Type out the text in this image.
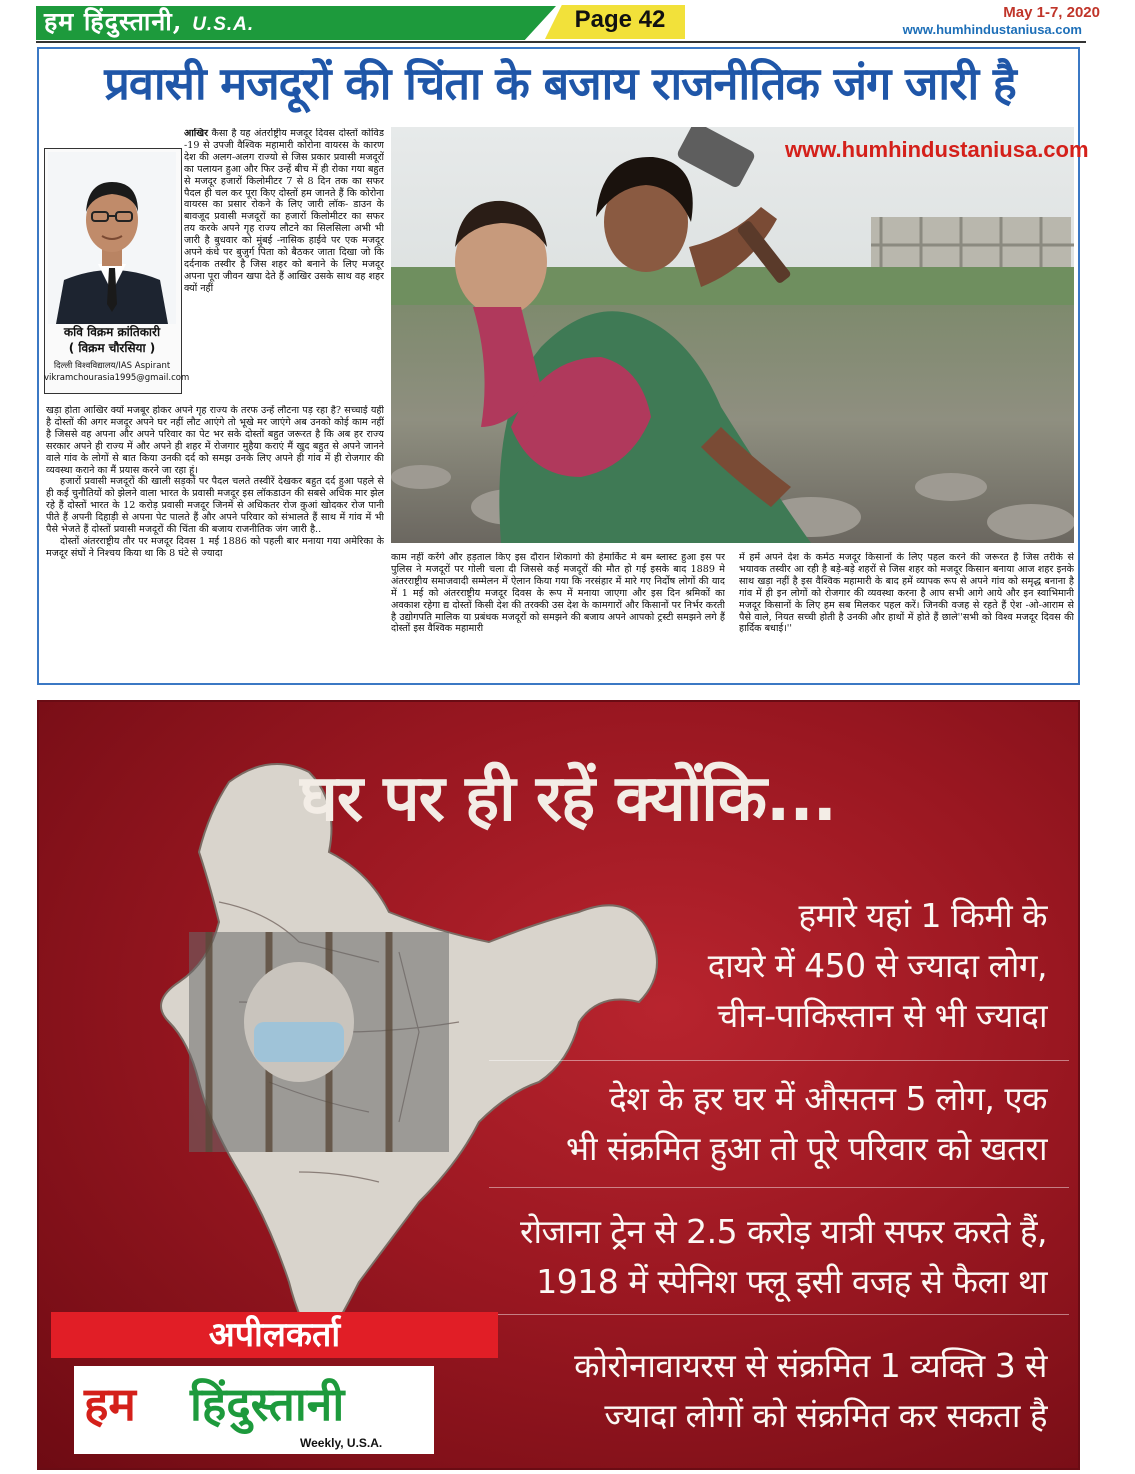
हम हिंदुस्तानी, U.S.A.	Page 42	May 1-7, 2020
www.humhindustaniusa.com
प्रवासी मजदूरों की चिंता के बजाय राजनीतिक जंग जारी है
कवि विक्रम क्रांतिकारी
( विक्रम चौरसिया )
दिल्ली विश्वविद्यालय/IAS Aspirant
vikramchourasia1995@gmail.com

आखिर कैसा है यह अंतर्राष्ट्रीय मजदूर दिवस दोस्तों कोविड -19 से उपजी वैश्विक महामारी कोरोना वायरस के कारण देश की अलग-अलग राज्यो से जिस प्रकार प्रवासी मजदूरों का पलायन हुआ और फिर उन्हें बीच में ही रोका गया बहुत से मजदूर हजारों किलोमीटर 7 से 8 दिन तक का सफर पैदल ही चल कर पूरा किए दोस्तों हम जानते हैं कि कोरोना वायरस का प्रसार रोकने के लिए जारी लॉक- डाउन के बावजूद प्रवासी मजदूरों का हजारों किलोमीटर का सफर तय करके अपने गृह राज्य लौटने का सिलसिला अभी भी जारी है बुधवार को मुंबई -नासिक हाईवे पर एक मजदूर अपने कंधे पर बुजुर्ग पिता को बैठकर जाता दिखा जो कि दर्दनाक तस्वीर है जिस शहर को बनाने के लिए मजदूर अपना पूरा जीवन खपा देते हैं आखिर उसके साथ वह शहर क्यों नहीं

खड़ा होता आखिर क्यों मजबूर होकर अपने गृह राज्य के तरफ उन्हें लौटना पड़ रहा है? सच्चाई यही है दोस्तों की अगर मजदूर अपने घर नहीं लौट आएंगे तो भूखे मर जाएंगे अब उनको कोई काम नहीं है जिससे वह अपना और अपने परिवार का पेट भर सके दोस्तों बहुत जरूरत है कि अब हर राज्य सरकार अपने ही राज्य में और अपने ही शहर में रोजगार मुहैया कराएं मैं खुद बहुत से अपने जानने वाले गांव के लोगों से बात किया उनकी दर्द को समझ उनके लिए अपने ही गांव में ही रोजगार की व्यवस्था कराने का मैं प्रयास करने जा रहा हूं।

हजारों प्रवासी मजदूरों की खाली सड़कों पर पैदल चलते तस्वीरें देखकर बहुत दर्द हुआ पहले से ही कई चुनौतियों को झेलने वाला भारत के प्रवासी मजदूर इस लॉकडाउन की सबसे अधिक मार झेल रहे हैं दोस्तों भारत के 12 करोड़ प्रवासी मजदूर जिनमें से अधिकतर रोज कुआं खोदकर रोज पानी पीते हैं अपनी दिहाड़ी से अपना पेट पालते हैं और अपने परिवार को संभालते हैं साथ में गांव में भी पैसे भेजते हैं दोस्तों प्रवासी मजदूरों की चिंता की बजाय राजनीतिक जंग जारी है..

दोस्तों अंतरराष्ट्रीय तौर पर मजदूर दिवस 1 मई 1886 को पहली बार मनाया गया अमेरिका के मजदूर संघों ने निश्चय किया था कि 8 घंटे से ज्यादा

www.humhindustaniusa.com
काम नहीं करेंगे और हड़ताल किए इस दौरान शिकागो की हेमार्किट मे बम ब्लास्ट हुआ इस पर पुलिस ने मजदूरों पर गोली चला दी जिससे कई मजदूरों की मौत हो गई इसके बाद 1889 मे अंतरराष्ट्रीय समाजवादी सम्मेलन में ऐलान किया गया कि नरसंहार में मारे गए निर्दोष लोगों की याद में 1 मई को अंतरराष्ट्रीय मजदूर दिवस के रूप में मनाया जाएगा और इस दिन श्रमिकों का अवकाश रहेगा द्य दोस्तों किसी देश की तरक्की उस देश के कामगारों और किसानों पर निर्भर करती है उद्योगपति मालिक या प्रबंधक मजदूरों को समझने की बजाय अपने आपको ट्रस्टी समझने लगे हैं दोस्तों इस वैश्विक महामारी
में हमें अपने देश के कर्मठ मजदूर किसानों के लिए पहल करने की जरूरत है जिस तरीके से भयावक तस्वीर आ रही है बड़े-बड़े शहरों से जिस शहर को मजदूर किसान बनाया आज शहर इनके साथ खड़ा नहीं है इस वैश्विक महामारी के बाद हमें व्यापक रूप से अपने गांव को समृद्ध बनाना है गांव में ही इन लोगों को रोजगार की व्यवस्था करना है आप सभी आगे आये और इन स्वाभिमानी मजदूर किसानों के लिए हम सब मिलकर पहल करें। जिनकी वजह से रहते हैं ऐश -ओ-आराम से पैसे वाले, नियत सच्ची होती है उनकी और हाथों में होते हैं छाले''सभी को विश्व मजदूर दिवस की हार्दिक बधाई।''
घर पर ही रहें क्योंकि...
हमारे यहां 1 किमी के
दायरे में 450 से ज्यादा लोग,
चीन-पाकिस्तान से भी ज्यादा
देश के हर घर में औसतन 5 लोग, एक
भी संक्रमित हुआ तो पूरे परिवार को खतरा
रोजाना ट्रेन से 2.5 करोड़ यात्री सफर करते हैं,
1918 में स्पेनिश फ्लू इसी वजह से फैला था
कोरोनावायरस से संक्रमित 1 व्यक्ति 3 से
ज्यादा लोगों को संक्रमित कर सकता है
अपीलकर्ता
हम हिंदुस्तानी
Weekly, U.S.A.
